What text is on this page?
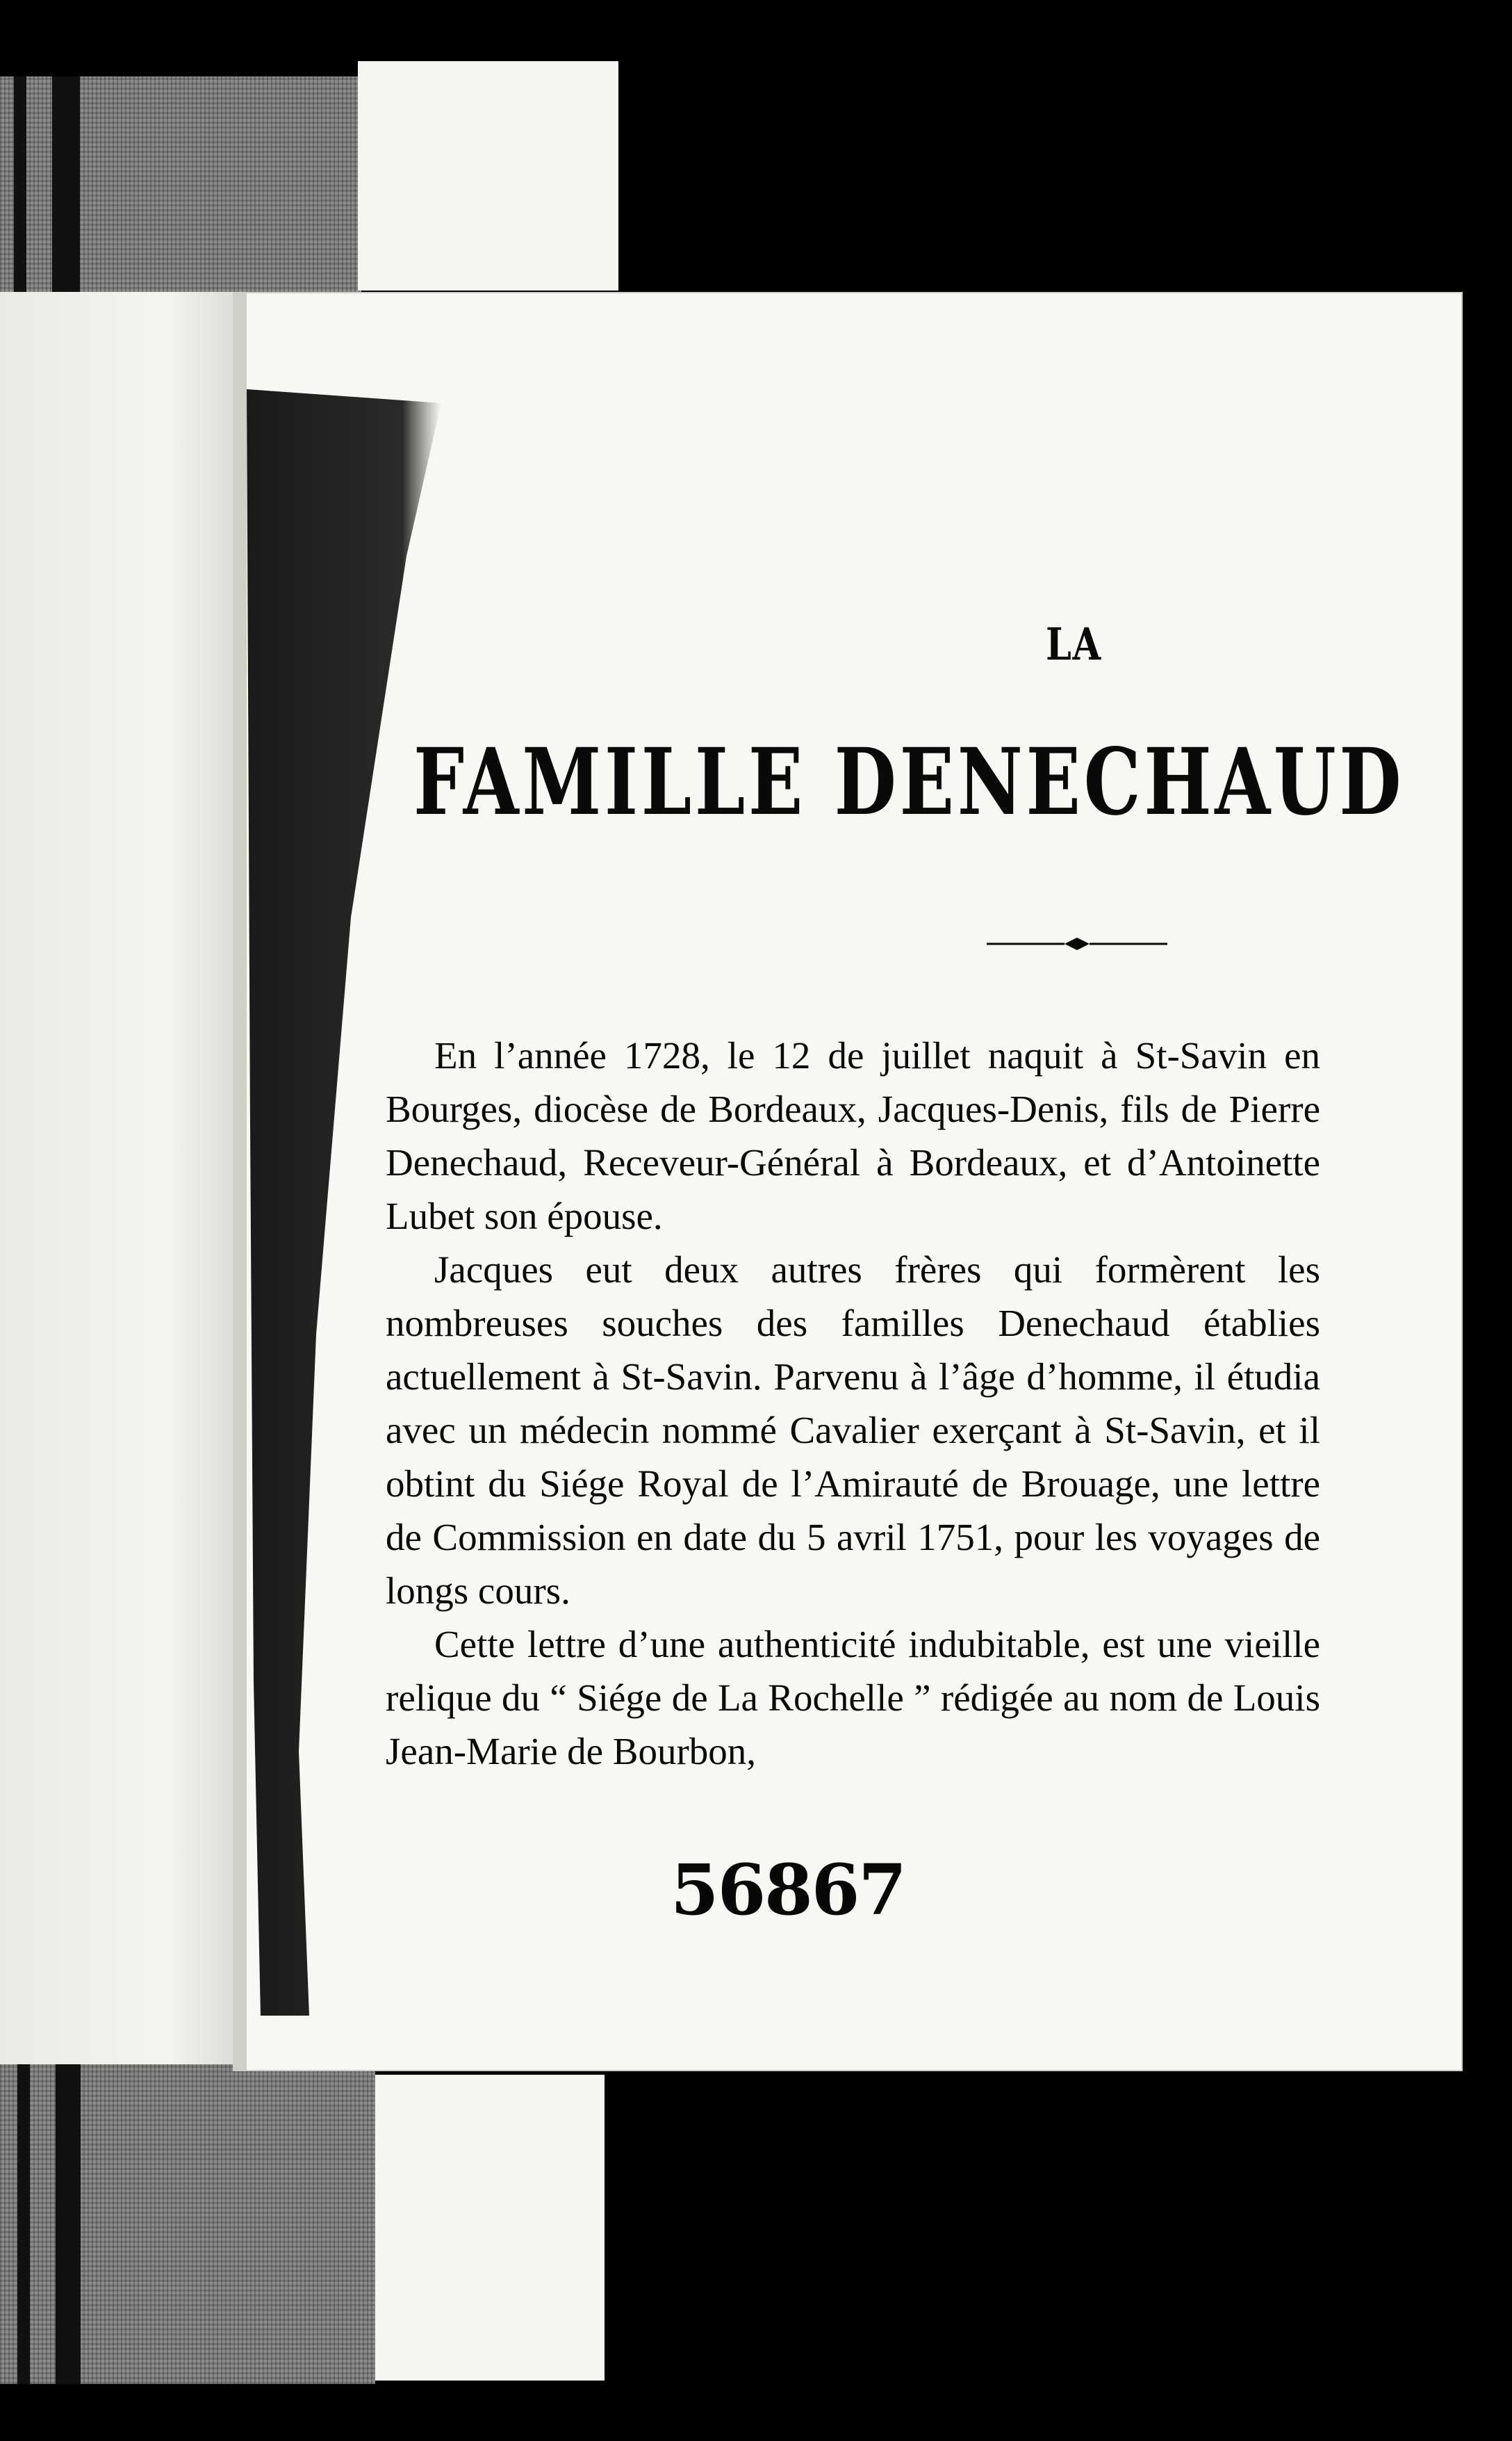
LA
FAMILLE DENECHAUD

En l’année 1728, le 12 de juillet naquit à St-Savin en Bourges, diocèse de Bordeaux, Jacques-Denis, fils de Pierre Denechaud, Receveur-Général à Bordeaux, et d’Antoinette Lubet son épouse.

Jacques eut deux autres frères qui formèrent les nombreuses souches des familles Denechaud établies actuellement à St-Savin. Parvenu à l’âge d’homme, il étudia avec un médecin nommé Cavalier exerçant à St-Savin, et il obtint du Siége Royal de l’Amirauté de Brouage, une lettre de Commission en date du 5 avril 1751, pour les voyages de longs cours.

Cette lettre d’une authenticité indubitable, est une vieille relique du “ Siége de La Rochelle ” rédigée au nom de Louis Jean-Marie de Bourbon,

56867
